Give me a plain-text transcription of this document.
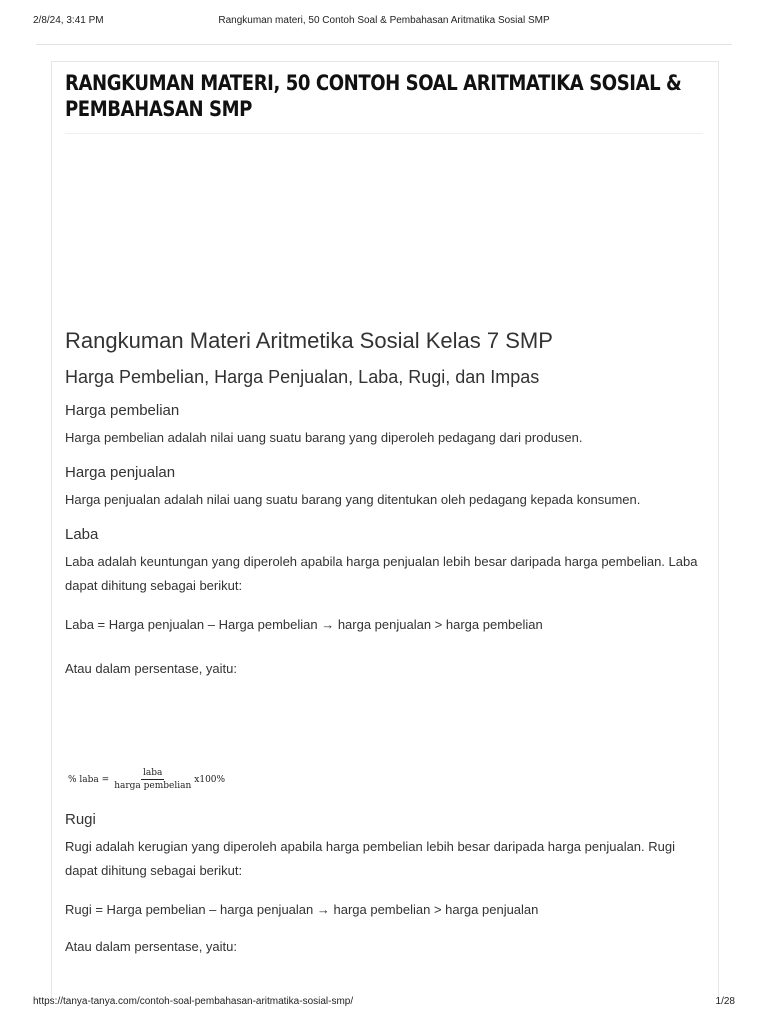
2/8/24, 3:41 PM	Rangkuman materi, 50 Contoh Soal & Pembahasan Aritmatika Sosial SMP
RANGKUMAN MATERI, 50 CONTOH SOAL ARITMATIKA SOSIAL & PEMBAHASAN SMP
Rangkuman Materi Aritmetika Sosial Kelas 7 SMP
Harga Pembelian, Harga Penjualan, Laba, Rugi, dan Impas
Harga pembelian

Harga pembelian adalah nilai uang suatu barang yang diperoleh pedagang dari produsen.

Harga penjualan

Harga penjualan adalah nilai uang suatu barang yang ditentukan oleh pedagang kepada konsumen.

Laba

Laba adalah keuntungan yang diperoleh apabila harga penjualan lebih besar daripada harga pembelian. Laba dapat dihitung sebagai berikut:

Laba = Harga penjualan – Harga pembelian → harga penjualan > harga pembelian

Atau dalam persentase, yaitu:

% laba = $\frac{\text{laba}}{\text{harga pembelian}} x100\%$
Rugi

Rugi adalah kerugian yang diperoleh apabila harga pembelian lebih besar daripada harga penjualan. Rugi dapat dihitung sebagai berikut:

Rugi = Harga pembelian – harga penjualan → harga pembelian > harga penjualan

Atau dalam persentase, yaitu:

https://tanya-tanya.com/contoh-soal-pembahasan-aritmatika-sosial-smp/	1/28
